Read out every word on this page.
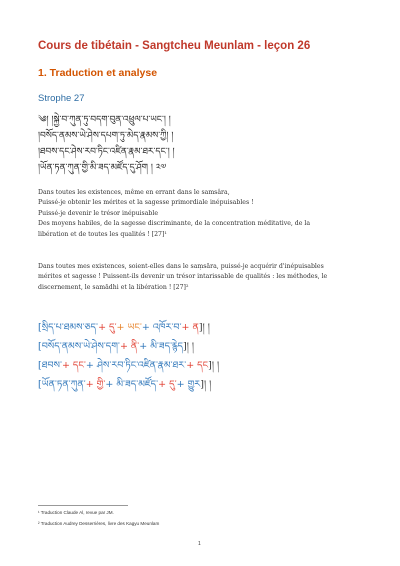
Cours de tibétain - Sangtcheu Meunlam - leçon 26
1. Traduction et analyse
Strophe 27
༄། །སྐྱེ་བ་ཀུན་ཏུ་བདག་བུན་འཕྲུལ་པ་ཡང་། །
།བསོད་ནམས་ཡེ་ཤེས་དཔག་ཏུ་མེད་རྣམས་ཀྱི། །
།ཐབས་དང་ཤེས་རབ་ཏིང་འཛིན་རྣམ་ཐར་དང་། །
།ཡོན་ཏན་ཀུན་གྱི་མི་ཟད་མཛོད་དུ་ཤོག ། ༢༧
Dans toutes les existences, même en errant dans le samsâra,
Puissé-je obtenir les mérites et la sagesse primordiale inépuisables !
Puissé-je devenir le trésor inépuisable
Des moyens habiles, de la sagesse discriminante, de la concentration méditative, de la
libération et de toutes les qualités ! [27]¹
Dans toutes mes existences, soient-elles dans le saṃsāra, puissé-je acquérir d'inépuisables
mérites et sagesse ! Puissent-ils devenir un trésor intarissable de qualités : les méthodes, le
discernement, le samādhi et la libération ! [27]²
[སྲིད་པ་ཐམས་ཅད་+ དུ་+ ཡང་+ འཁོར་བ་+ ན]། །
[བསོད་ནམས་ཡེ་ཤེས་དག་+ ནི་+ མི་ཟད་རྙེད]། །
[ཐབས་+ དང་+ ཤེས་རབ་ཏིང་འཛིན་རྣམ་ཐར་+ དང]། །
[ཡོན་ཏན་ཀུན་+ གྱི་+ མི་ཟད་མཛོད་+ དུ་+ གྱུར]། །
¹ Traduction Claude Al, revue par JM.
² Traduction Audrey Desserrières, livre des Kagyu Meunlam
1
